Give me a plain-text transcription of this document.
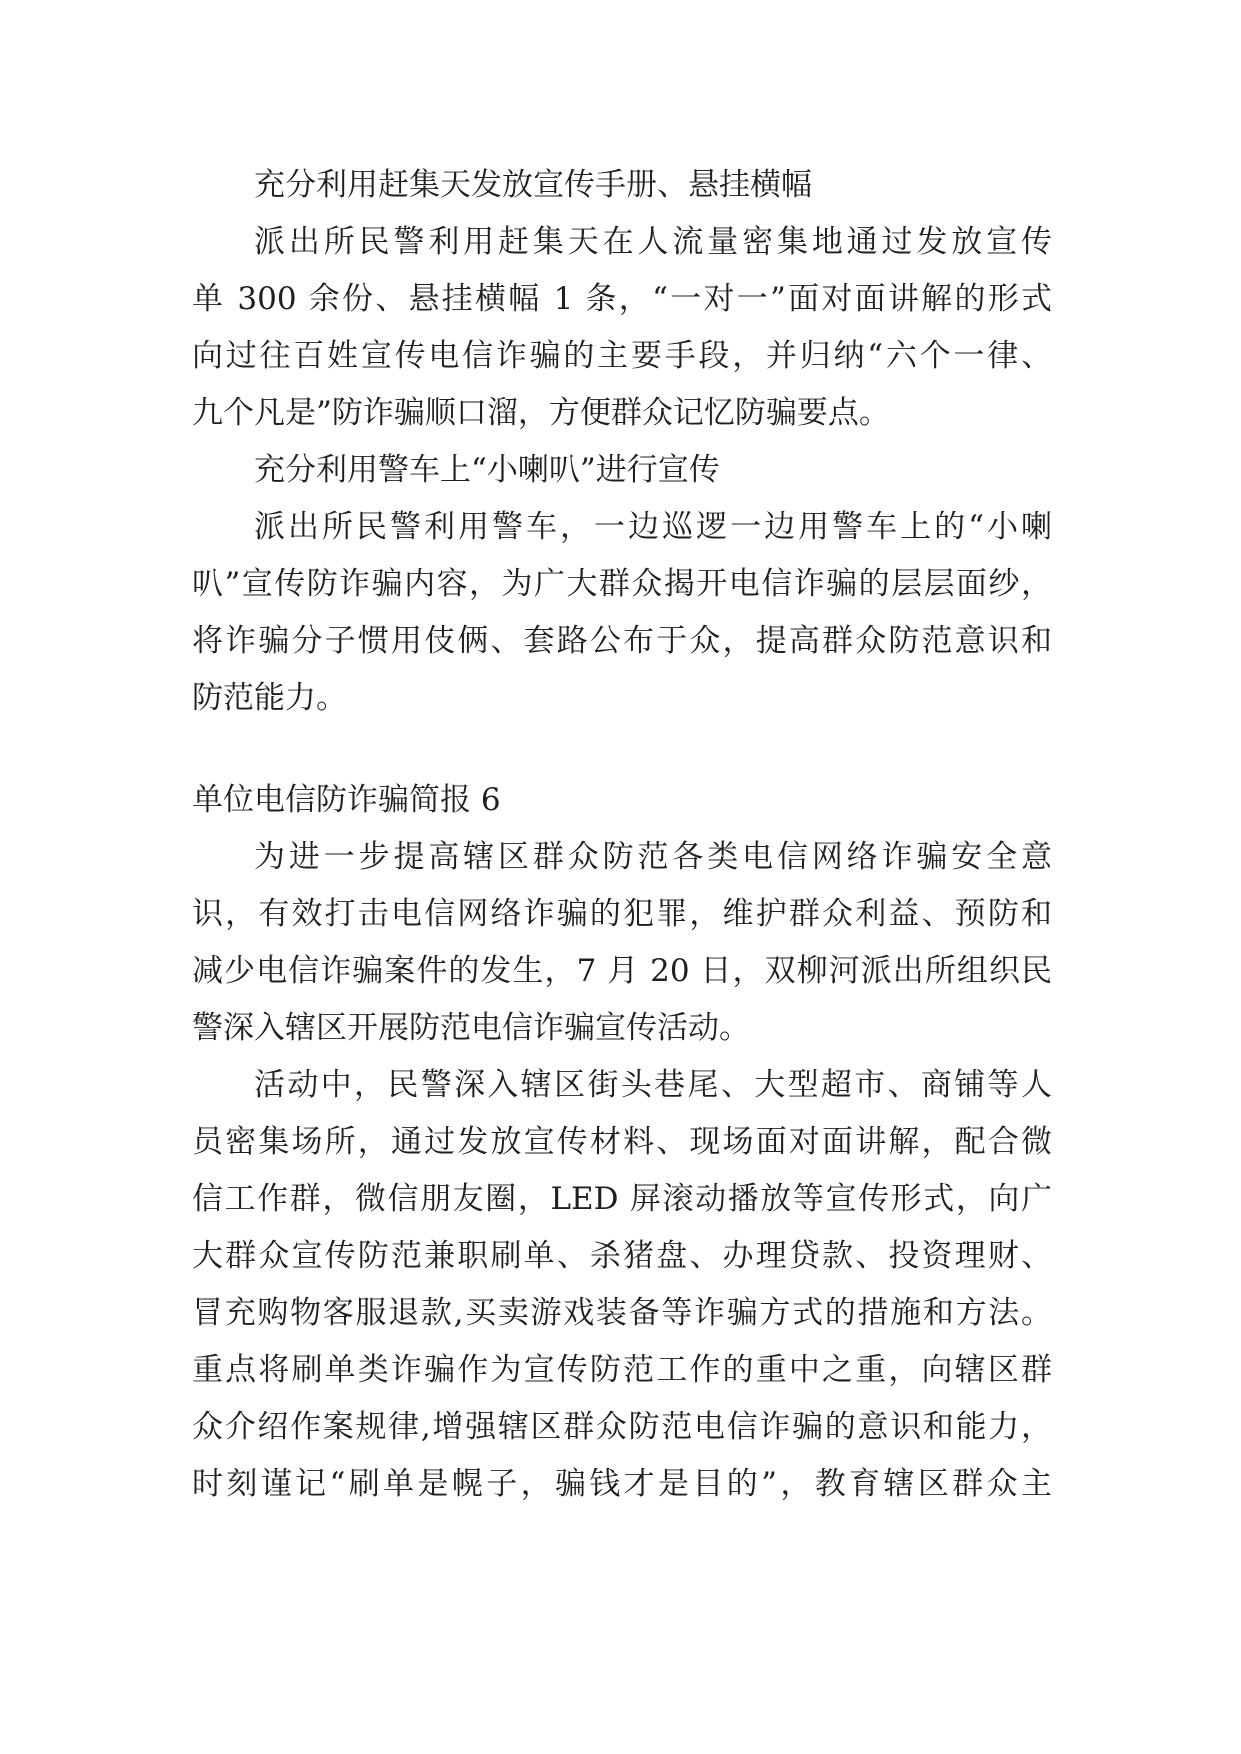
充分利用赶集天发放宣传手册、悬挂横幅
派出所民警利用赶集天在人流量密集地通过发放宣传
单 300 余份、悬挂横幅 1 条，“一对一”面对面讲解的形式
向过往百姓宣传电信诈骗的主要手段，并归纳“六个一律、
九个凡是”防诈骗顺口溜，方便群众记忆防骗要点。
充分利用警车上“小喇叭”进行宣传
派出所民警利用警车，一边巡逻一边用警车上的“小喇
叭”宣传防诈骗内容，为广大群众揭开电信诈骗的层层面纱，
将诈骗分子惯用伎俩、套路公布于众，提高群众防范意识和
防范能力。
单位电信防诈骗简报 6
为进一步提高辖区群众防范各类电信网络诈骗安全意
识，有效打击电信网络诈骗的犯罪，维护群众利益、预防和
减少电信诈骗案件的发生，7 月 20 日，双柳河派出所组织民
警深入辖区开展防范电信诈骗宣传活动。
活动中，民警深入辖区街头巷尾、大型超市、商铺等人
员密集场所，通过发放宣传材料、现场面对面讲解，配合微
信工作群，微信朋友圈，LED 屏滚动播放等宣传形式，向广
大群众宣传防范兼职刷单、杀猪盘、办理贷款、投资理财、
冒充购物客服退款,买卖游戏装备等诈骗方式的措施和方法。
重点将刷单类诈骗作为宣传防范工作的重中之重，向辖区群
众介绍作案规律,增强辖区群众防范电信诈骗的意识和能力，
时刻谨记“刷单是幌子，骗钱才是目的”，教育辖区群众主
